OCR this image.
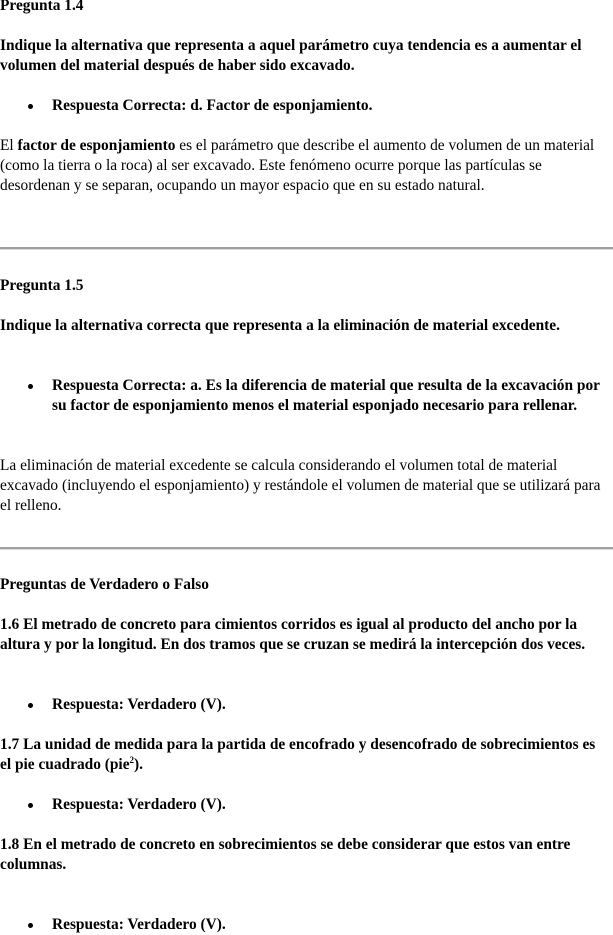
Pregunta 1.4
Indique la alternativa que representa a aquel parámetro cuya tendencia es a aumentar el volumen del material después de haber sido excavado.
Respuesta Correcta: d. Factor de esponjamiento.
El factor de esponjamiento es el parámetro que describe el aumento de volumen de un material (como la tierra o la roca) al ser excavado. Este fenómeno ocurre porque las partículas se desordenan y se separan, ocupando un mayor espacio que en su estado natural.
Pregunta 1.5
Indique la alternativa correcta que representa a la eliminación de material excedente.
Respuesta Correcta: a. Es la diferencia de material que resulta de la excavación por su factor de esponjamiento menos el material esponjado necesario para rellenar.
La eliminación de material excedente se calcula considerando el volumen total de material excavado (incluyendo el esponjamiento) y restándole el volumen de material que se utilizará para el relleno.
Preguntas de Verdadero o Falso
1.6 El metrado de concreto para cimientos corridos es igual al producto del ancho por la altura y por la longitud. En dos tramos que se cruzan se medirá la intercepción dos veces.
Respuesta: Verdadero (V).
1.7 La unidad de medida para la partida de encofrado y desencofrado de sobrecimientos es el pie cuadrado (pie$^2$).
Respuesta: Verdadero (V).
1.8 En el metrado de concreto en sobrecimientos se debe considerar que estos van entre columnas.
Respuesta: Verdadero (V).
